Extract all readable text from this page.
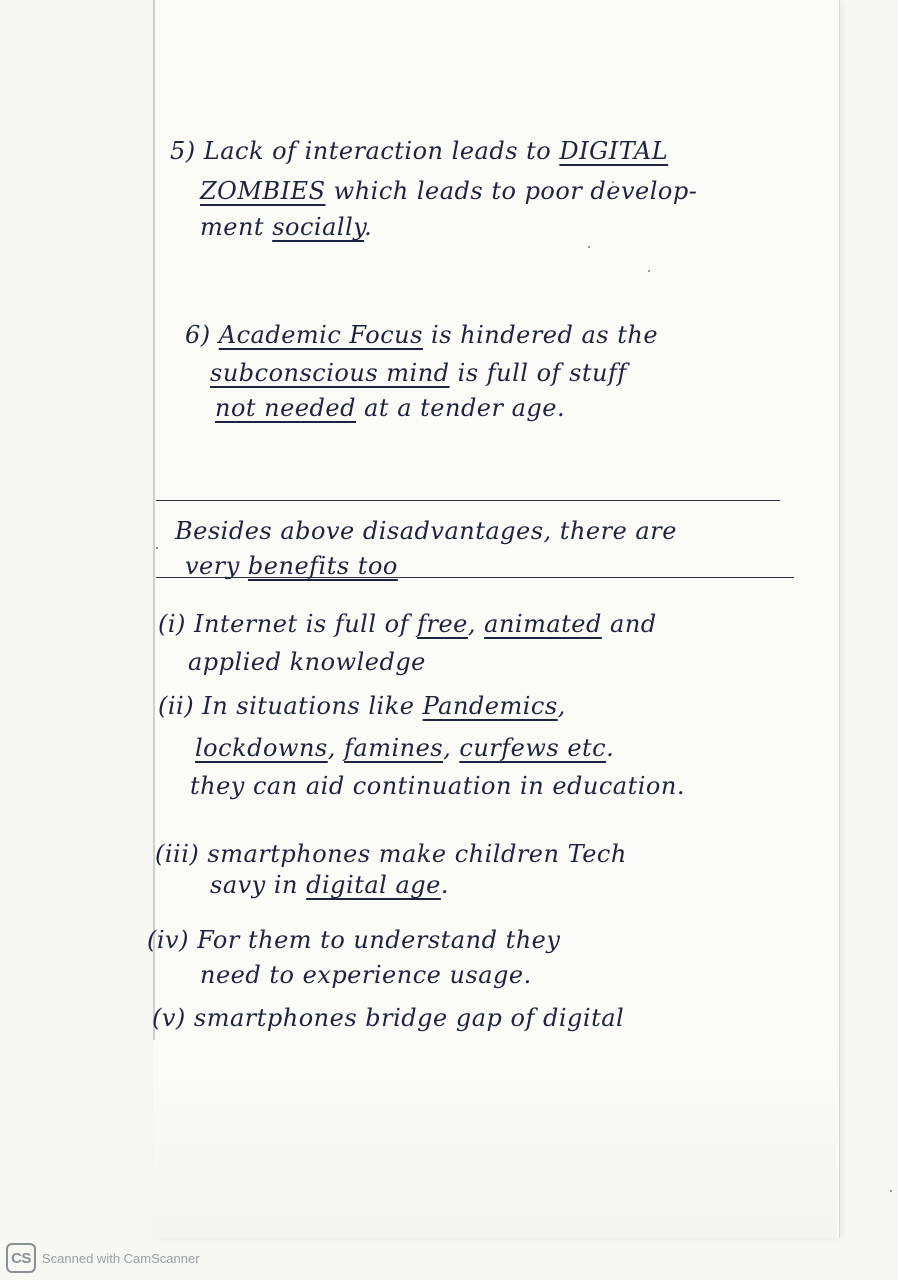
5) Lack of interaction leads to DIGITAL

ZOMBIES which leads to poor develop-

ment socially.

6) Academic Focus is hindered as the

subconscious mind is full of stuff

not needed at a tender age.

Besides above disadvantages, there are

very benefits too

(i) Internet is full of free, animated and

applied knowledge

(ii) In situations like Pandemics,

lockdowns, famines, curfews etc.

they can aid continuation in education.

(iii) smartphones make children Tech

savy in digital age.

(iv) For them to understand they

need to experience usage.

(v) smartphones bridge gap of digital

CS Scanned with CamScanner
